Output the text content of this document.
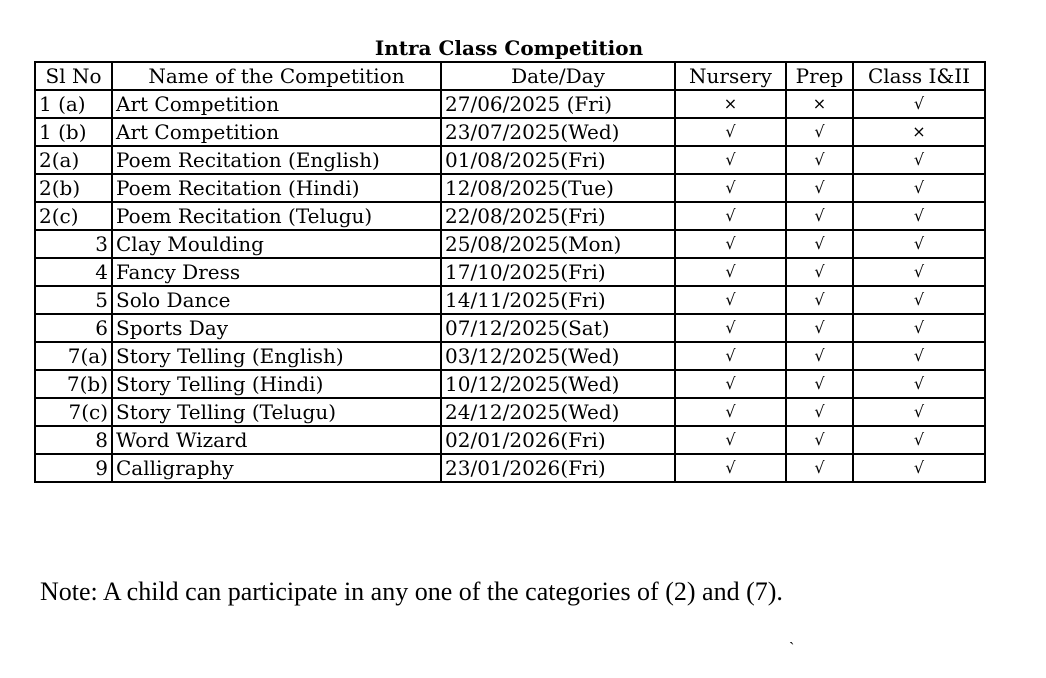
Intra Class Competition
Sl No	Name of the Competition	Date/Day	Nursery	Prep	Class I&II
1 (a)	Art Competition	27/06/2025 (Fri)	×	×	√
1 (b)	Art Competition	23/07/2025(Wed)	√	√	×
2(a)	Poem Recitation (English)	01/08/2025(Fri)	√	√	√
2(b)	Poem Recitation (Hindi)	12/08/2025(Tue)	√	√	√
2(c)	Poem Recitation (Telugu)	22/08/2025(Fri)	√	√	√
3	Clay Moulding	25/08/2025(Mon)	√	√	√
4	Fancy Dress	17/10/2025(Fri)	√	√	√
5	Solo Dance	14/11/2025(Fri)	√	√	√
6	Sports Day	07/12/2025(Sat)	√	√	√
7(a)	Story Telling (English)	03/12/2025(Wed)	√	√	√
7(b)	Story Telling (Hindi)	10/12/2025(Wed)	√	√	√
7(c)	Story Telling (Telugu)	24/12/2025(Wed)	√	√	√
8	Word Wizard	02/01/2026(Fri)	√	√	√
9	Calligraphy	23/01/2026(Fri)	√	√	√
Note: A child can participate in any one of the categories of (2) and (7).
`
